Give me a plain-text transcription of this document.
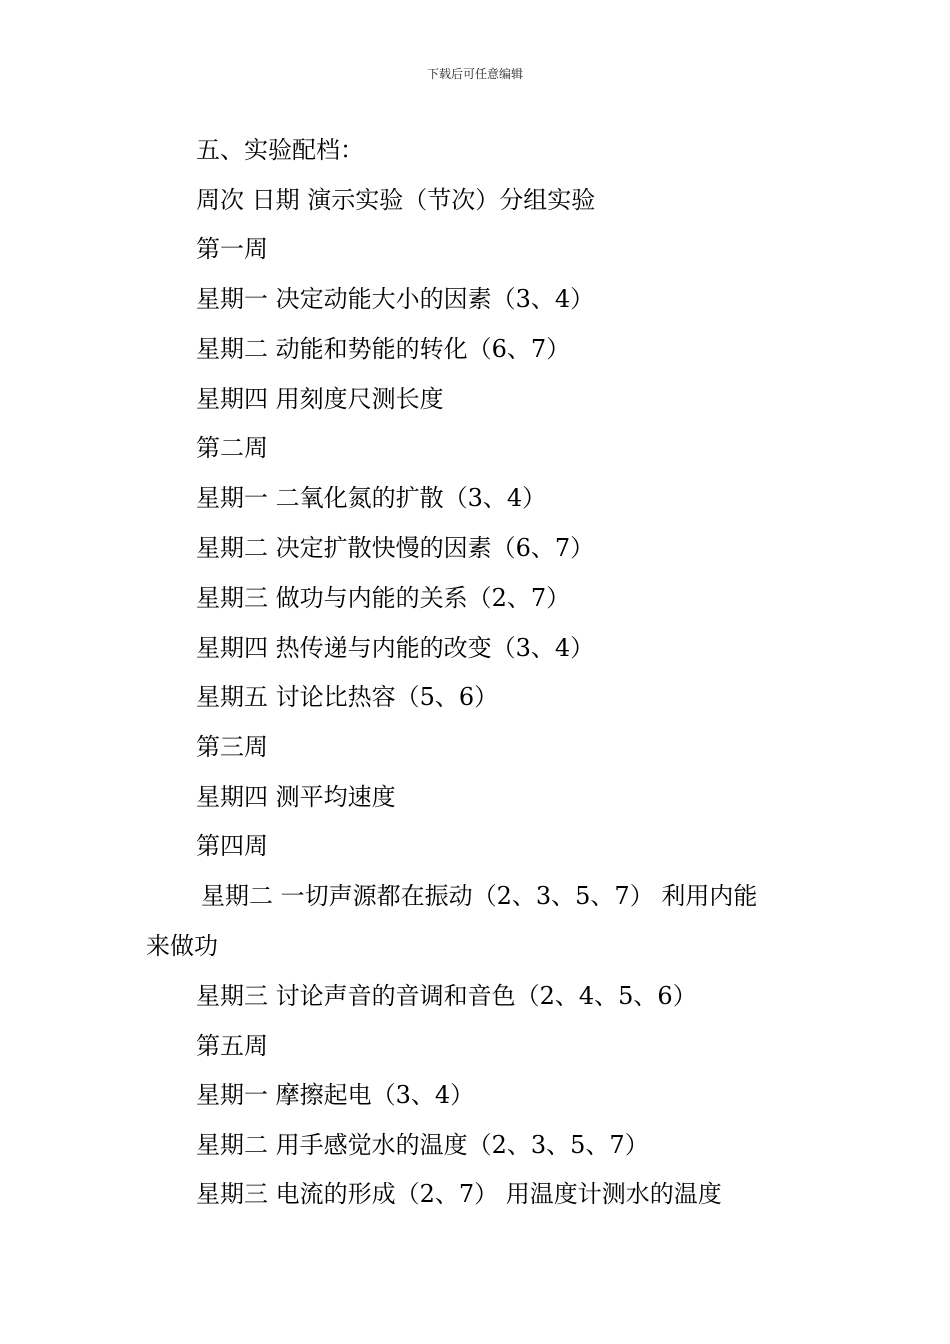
下载后可任意编辑
五、实验配档：
周次 日期 演示实验（节次）分组实验
第一周
星期一 决定动能大小的因素（3、4）
星期二 动能和势能的转化（6、7）
星期四 用刻度尺测长度
第二周
星期一 二氧化氮的扩散（3、4）
星期二 决定扩散快慢的因素（6、7）
星期三 做功与内能的关系（2、7）
星期四 热传递与内能的改变（3、4）
星期五 讨论比热容（5、6）
第三周
星期四 测平均速度
第四周
星期二 一切声源都在振动（2、3、5、7） 利用内能
来做功
星期三 讨论声音的音调和音色（2、4、5、6）
第五周
星期一 摩擦起电（3、4）
星期二 用手感觉水的温度（2、3、5、7）
星期三 电流的形成（2、7） 用温度计测水的温度
